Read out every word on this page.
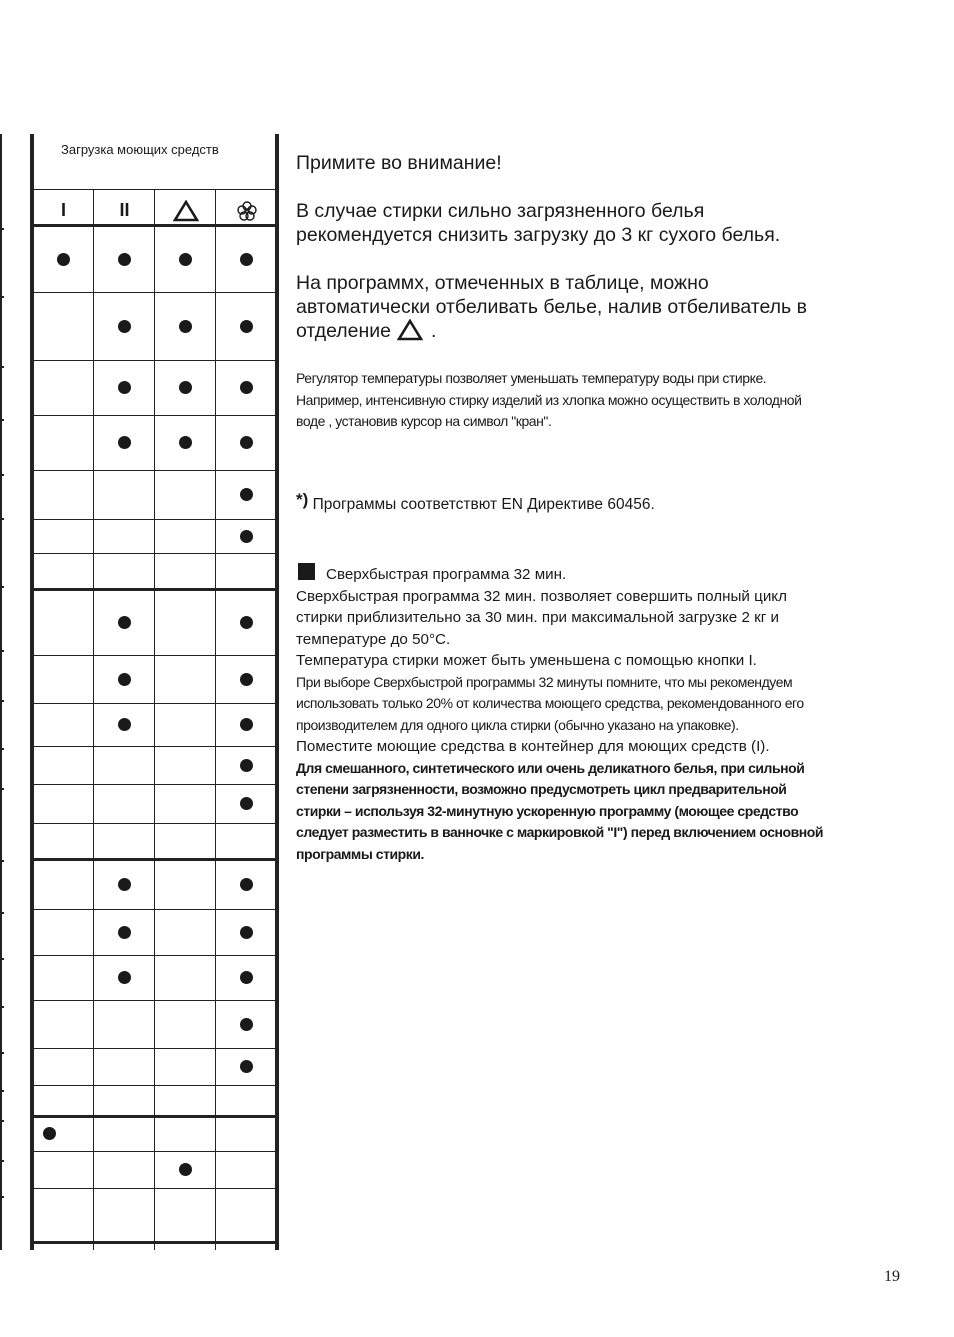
Загрузка моющих средств
I	II
Примите во внимание!
В случае стирки сильно загрязненного белья
рекомендуется снизить загрузку до 3 кг сухого белья.
На программх, отмеченных в таблице, можно
автоматически отбеливать белье, налив отбеливатель в
отделение .
Регулятор температуры позволяет уменьшать температуру воды при стирке.
Например, интенсивную стирку изделий из хлопка можно осуществить в холодной
воде , установив курсор на символ "кран".
*) Программы соответствют EN Директиве 60456.
Сверхбыстрая программа 32 мин.
Сверхбыстрая программа 32 мин. позволяет совершить полный цикл
стирки приблизительно за 30 мин. при максимальной загрузке 2 кг и
температуре до 50°С.
Температура стирки может быть уменьшена с помощью кнопки I.
При выборе Сверхбыстрой программы 32 минуты помните, что мы рекомендуем
использовать только 20% от количества моющего средства, рекомендованного его
производителем для одного цикла стирки (обычно указано на упаковке).
Поместите моющие средства в контейнер для моющих средств (I).
Для смешанного, синтетического или очень деликатного белья, при сильной
степени загрязненности, возможно предусмотреть цикл предварительной
стирки – используя 32-минутную ускоренную программу (моющее средство
следует разместить в ванночке с маркировкой "I") перед включением основной
программы стирки.
19
